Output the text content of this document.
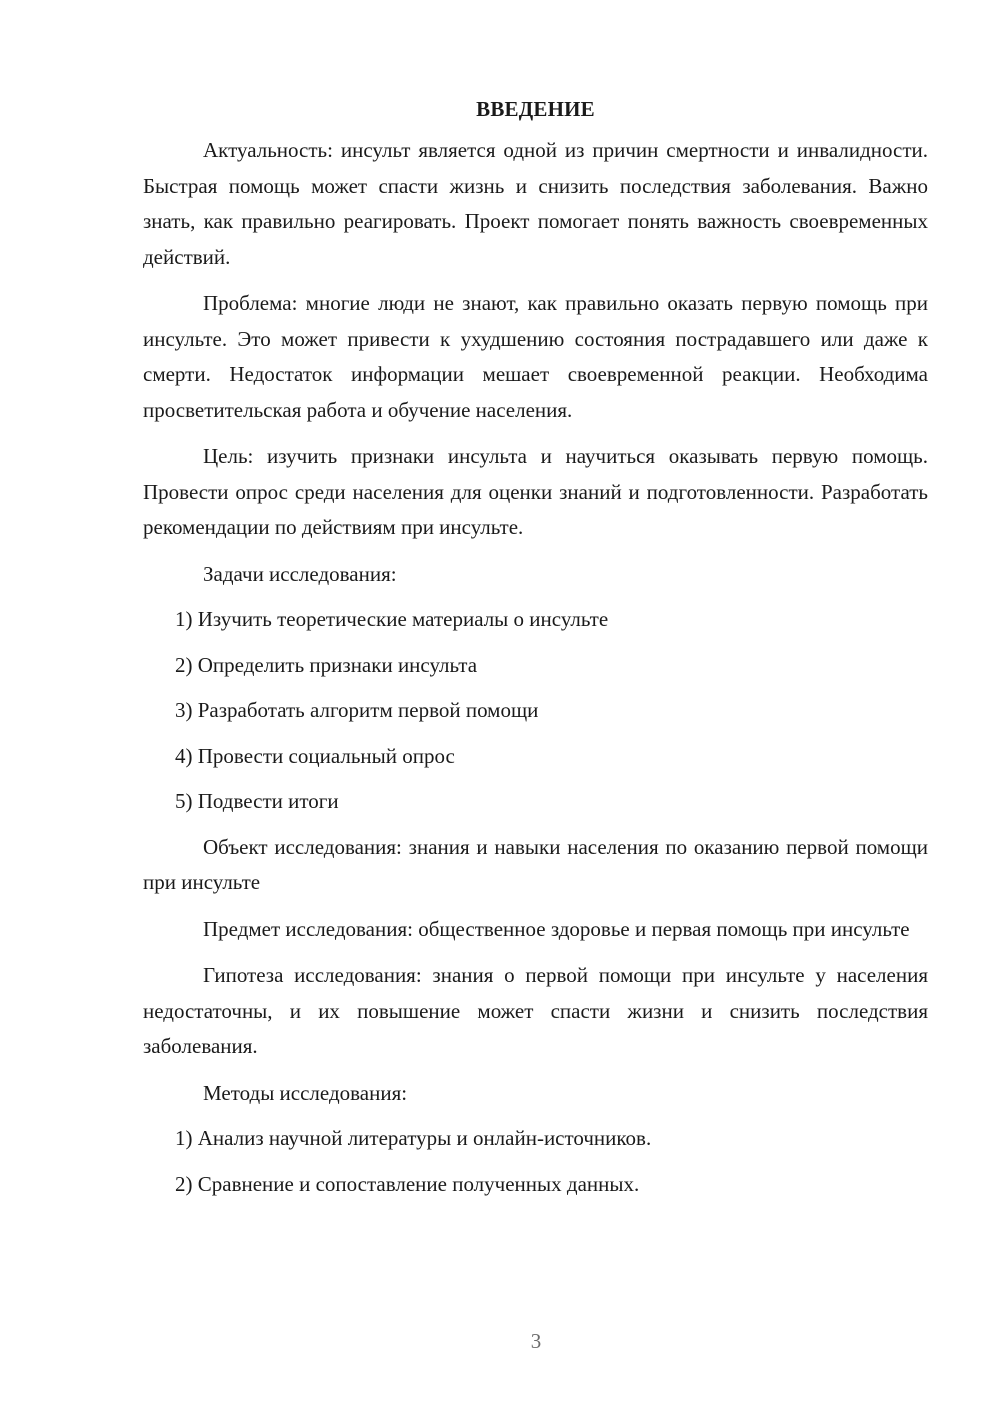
ВВЕДЕНИЕ

Актуальность: инсульт является одной из причин смертности и инвалидности. Быстрая помощь может спасти жизнь и снизить последствия заболевания. Важно знать, как правильно реагировать. Проект помогает понять важность своевременных действий.

Проблема: многие люди не знают, как правильно оказать первую помощь при инсульте. Это может привести к ухудшению состояния пострадавшего или даже к смерти. Недостаток информации мешает своевременной реакции. Необходима просветительская работа и обучение населения.

Цель: изучить признаки инсульта и научиться оказывать первую помощь. Провести опрос среди населения для оценки знаний и подготовленности. Разработать рекомендации по действиям при инсульте.

Задачи исследования:

1) Изучить теоретические материалы о инсульте
2) Определить признаки инсульта
3) Разработать алгоритм первой помощи
4) Провести социальный опрос
5) Подвести итоги

Объект исследования: знания и навыки населения по оказанию первой помощи при инсульте

Предмет исследования: общественное здоровье и первая помощь при инсульте

Гипотеза исследования: знания о первой помощи при инсульте у населения недостаточны, и их повышение может спасти жизни и снизить последствия заболевания.

Методы исследования:

1) Анализ научной литературы и онлайн-источников.
2) Сравнение и сопоставление полученных данных.
3
